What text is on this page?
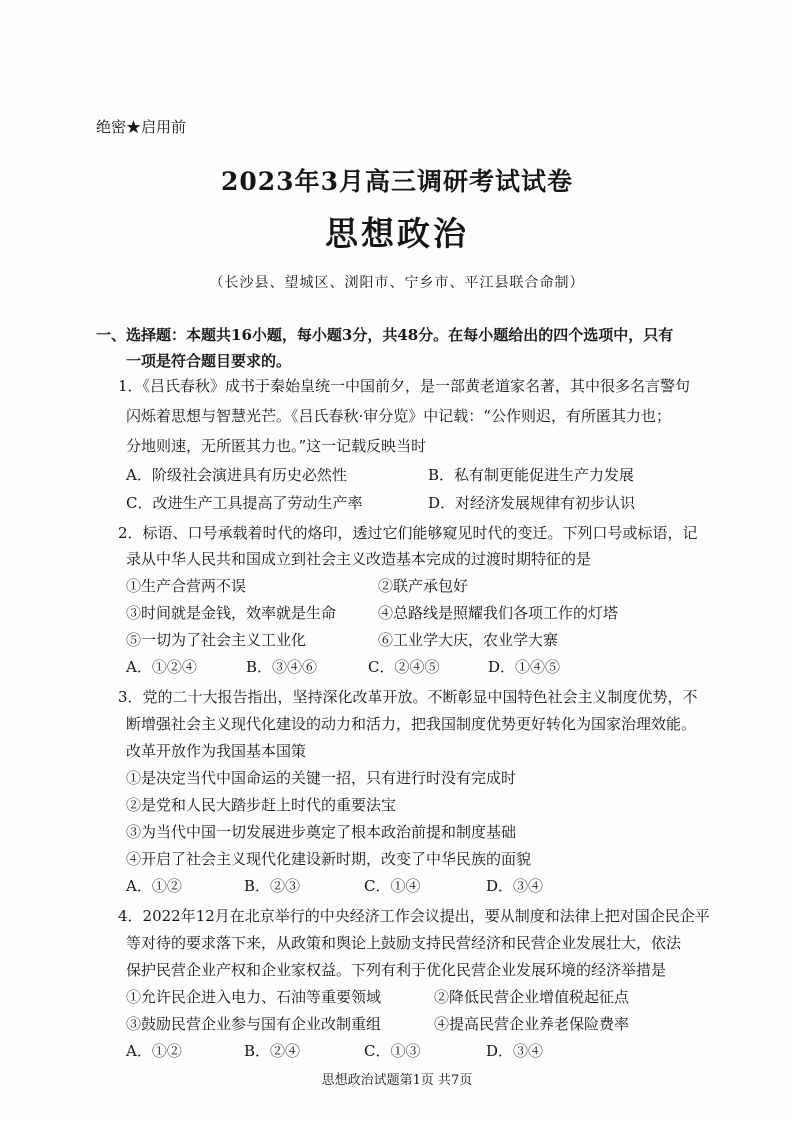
绝密★启用前
2023年3月高三调研考试试卷
思想政治
（长沙县、望城区、浏阳市、宁乡市、平江县联合命制）
一、选择题：本题共16小题，每小题3分，共48分。在每小题给出的四个选项中，只有
一项是符合题目要求的。
1．《吕氏春秋》成书于秦始皇统一中国前夕，是一部黄老道家名著，其中很多名言警句
闪烁着思想与智慧光芒。《吕氏春秋·审分览》中记载：“公作则迟，有所匿其力也；
分地则速，无所匿其力也。”这一记载反映当时
A．阶级社会演进具有历史必然性	B．私有制更能促进生产力发展
C．改进生产工具提高了劳动生产率	D．对经济发展规律有初步认识
2．标语、口号承载着时代的烙印，透过它们能够窥见时代的变迁。下列口号或标语，记
录从中华人民共和国成立到社会主义改造基本完成的过渡时期特征的是
①生产合营两不误	②联产承包好
③时间就是金钱，效率就是生命	④总路线是照耀我们各项工作的灯塔
⑤一切为了社会主义工业化	⑥工业学大庆，农业学大寨
A．①②④	B．③④⑥	C．②④⑤	D．①④⑤
3．党的二十大报告指出，坚持深化改革开放。不断彰显中国特色社会主义制度优势，不
断增强社会主义现代化建设的动力和活力，把我国制度优势更好转化为国家治理效能。
改革开放作为我国基本国策
①是决定当代中国命运的关键一招，只有进行时没有完成时
②是党和人民大踏步赶上时代的重要法宝
③为当代中国一切发展进步奠定了根本政治前提和制度基础
④开启了社会主义现代化建设新时期，改变了中华民族的面貌
A．①②	B．②③	C．①④	D．③④
4．2022年12月在北京举行的中央经济工作会议提出，要从制度和法律上把对国企民企平
等对待的要求落下来，从政策和舆论上鼓励支持民营经济和民营企业发展壮大，依法
保护民营企业产权和企业家权益。下列有利于优化民营企业发展环境的经济举措是
①允许民企进入电力、石油等重要领域	②降低民营企业增值税起征点
③鼓励民营企业参与国有企业改制重组	④提高民营企业养老保险费率
A．①②	B．②④	C．①③	D．③④
思想政治试题第1页 共7页
